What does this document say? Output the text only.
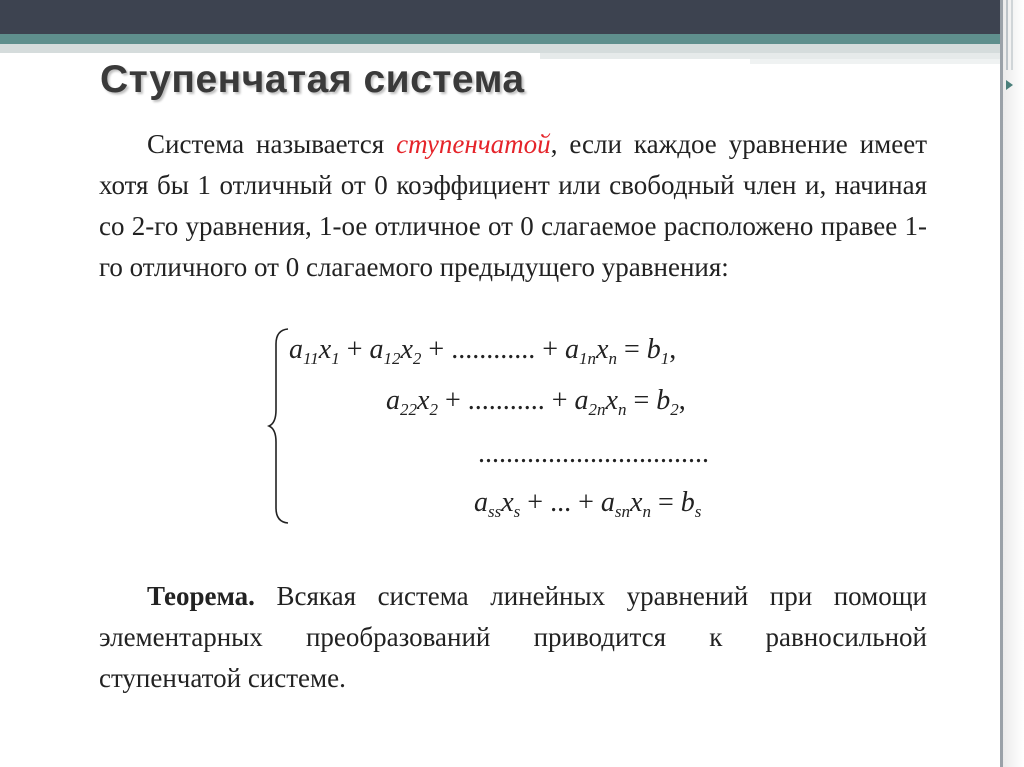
Ступенчатая система
Система называется ступенчатой, если каждое уравнение имеет хотя бы 1 отличный от 0 коэффициент или свободный член и, начиная со 2-го уравнения, 1-ое отличное от 0 слагаемое расположено правее 1-го отличного от 0 слагаемого предыдущего уравнения:
$a_{11}x_1 + a_{12}x_2$ + ............ + $a_{1n}x_n = b_1$,
$a_{22}x_2$ + ........... + $a_{2n}x_n = b_2$,
.................................
$a_{ss}x_s$ + ... + $a_{sn}x_n = b_s$
Теорема. Всякая система линейных уравнений при помощи элементарных преобразований приводится к равносильной ступенчатой системе.
